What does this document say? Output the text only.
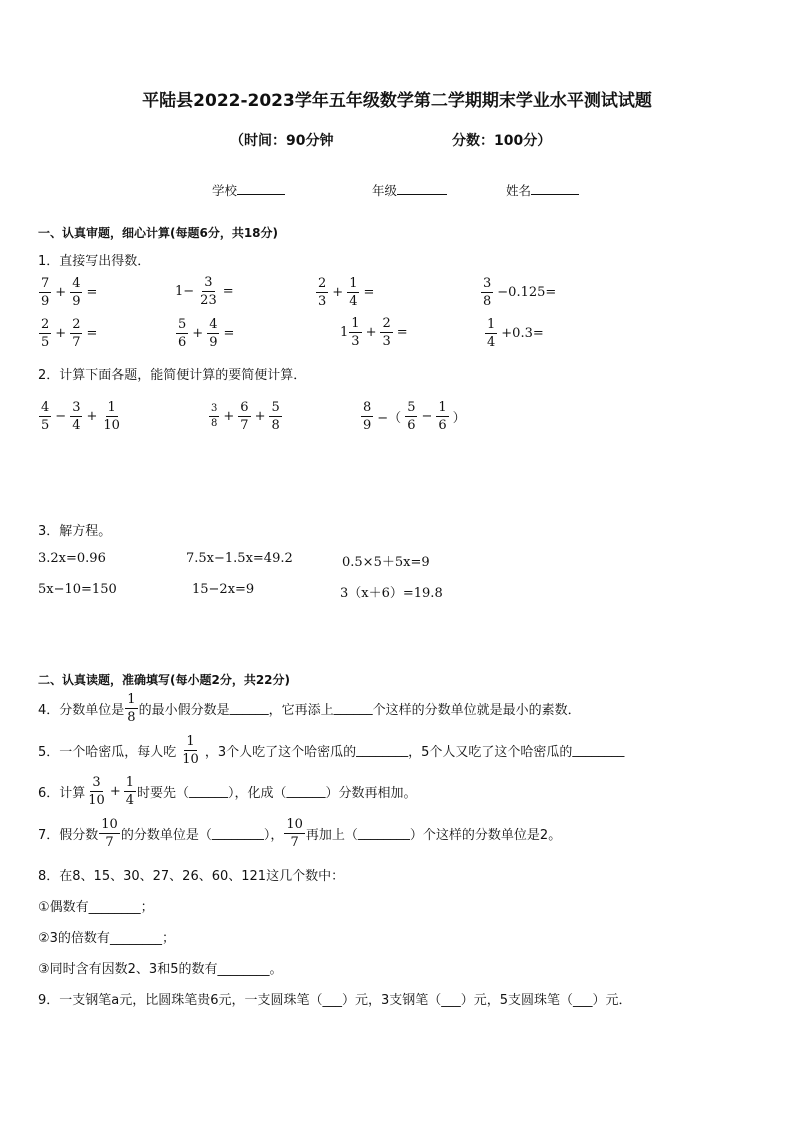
平陆县2022-2023学年五年级数学第二学期期末学业水平测试试题
（时间：90分钟	分数：100分）
学校	年级	姓名
一、认真审题，细心计算(每题6分，共18分)
1．直接写出得数．
$\frac{7}{9} + \frac{4}{9}$ =	$1- \frac{3}{23}$ =	$\frac{2}{3} + \frac{1}{4}$ =	$\frac{3}{8} -0.125=$
$\frac{2}{5} + \frac{2}{7}$ =	$\frac{5}{6} + \frac{4}{9}$ =	$1 \frac{1}{3} + \frac{2}{3}$ =	$\frac{1}{4} +0.3=$
2．计算下面各题，能简便计算的要简便计算．
$\frac{4}{5} - \frac{3}{4} + \frac{1}{10}$	$\frac{3}{8} + \frac{6}{7} + \frac{5}{8}$	$\frac{8}{9}$ −（ $\frac{5}{6} - \frac{1}{6}$ ）
3．解方程。
3.2x=0.96	7.5x−1.5x=49.2	0.5×5＋5x=9
5x−10=150	15−2x=9	3（x＋6）=19.8
二、认真读题，准确填写(每小题2分，共22分)
4．分数单位是 $\frac{1}{8}$ 的最小假分数是 ______ ，它再添上 ______ 个这样的分数单位就是最小的素数．
5．一个哈密瓜，每人吃 $\frac{1}{10}$ ，3个人吃了这个哈密瓜的 ________ ，5个人又吃了这个哈密瓜的 ________
6．计算 $\frac{3}{10} + \frac{1}{4}$ 时要先（ ______ ），化成（ ______ ）分数再相加。
7．假分数 $\frac{10}{7}$ 的分数单位是（ ________ ）， $\frac{10}{7}$ 再加上（ ________ ）个这样的分数单位是2。
8．在8、15、30、27、26、60、121这几个数中：
①偶数有________；
②3的倍数有________；
③同时含有因数2、3和5的数有________。
9．一支钢笔a元，比圆珠笔贵6元，一支圆珠笔（___）元，3支钢笔（___）元，5支圆珠笔（___）元．
